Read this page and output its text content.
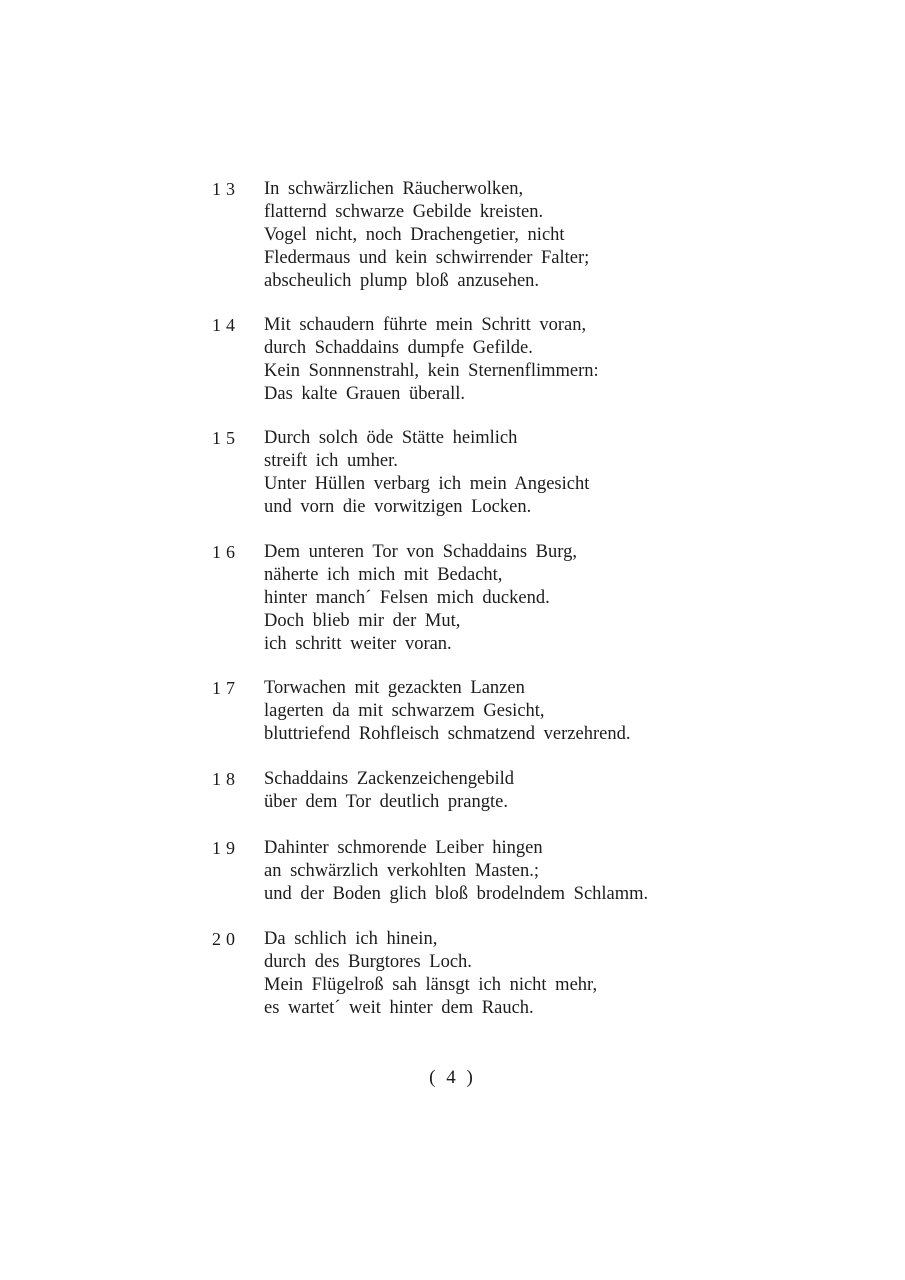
13	In schwärzlichen Räucherwolken,
flatternd schwarze Gebilde kreisten.
Vogel nicht, noch Drachengetier, nicht
Fledermaus und kein schwirrender Falter;
abscheulich plump bloß anzusehen.
14	Mit schaudern führte mein Schritt voran,
durch Schaddains dumpfe Gefilde.
Kein Sonnnenstrahl, kein Sternenflimmern:
Das kalte Grauen überall.
15	Durch solch öde Stätte heimlich
streift ich umher.
Unter Hüllen verbarg ich mein Angesicht
und vorn die vorwitzigen Locken.
16	Dem unteren Tor von Schaddains Burg,
näherte ich mich mit Bedacht,
hinter manch´ Felsen mich duckend.
Doch blieb mir der Mut,
ich schritt weiter voran.
17	Torwachen mit gezackten Lanzen
lagerten da mit schwarzem Gesicht,
bluttriefend Rohfleisch schmatzend verzehrend.
18	Schaddains Zackenzeichengebild
über dem Tor deutlich prangte.
19	Dahinter schmorende Leiber hingen
an schwärzlich verkohlten Masten.;
und der Boden glich bloß brodelndem Schlamm.
20	Da schlich ich hinein,
durch des Burgtores Loch.
Mein Flügelroß sah länsgt ich nicht mehr,
es wartet´ weit hinter dem Rauch.
( 4 )
